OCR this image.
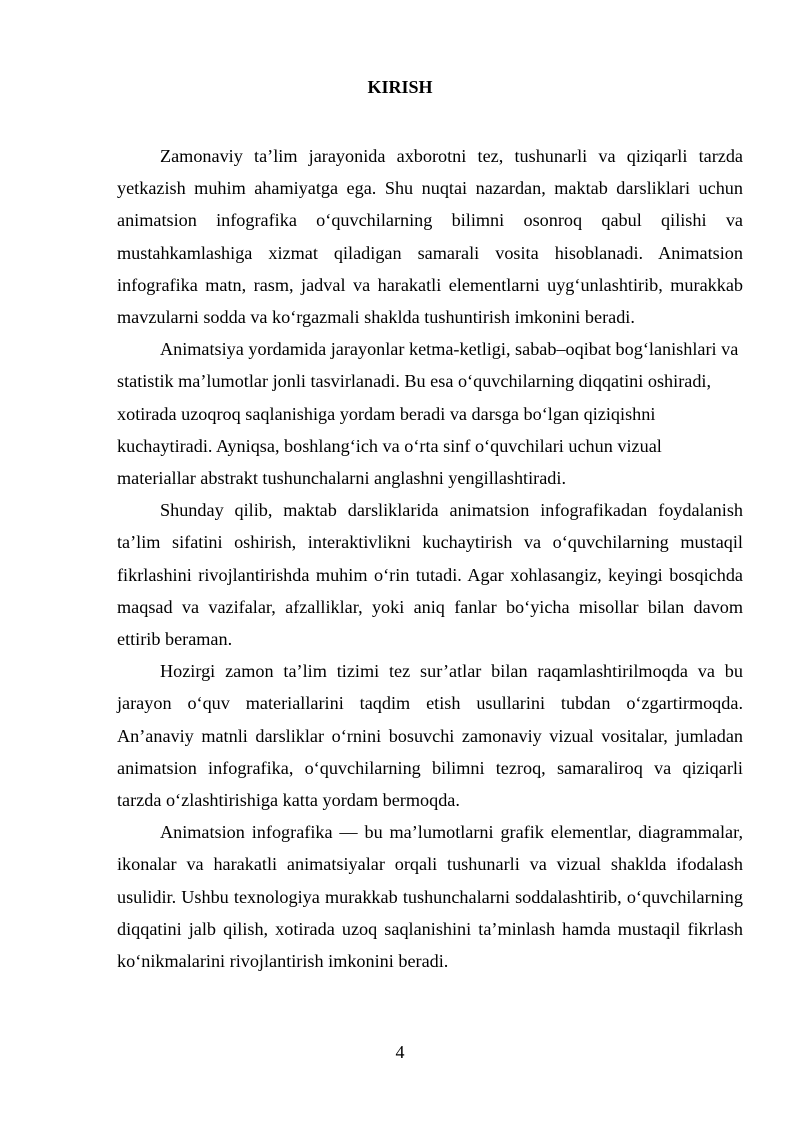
KIRISH

Zamonaviy ta’lim jarayonida axborotni tez, tushunarli va qiziqarli tarzda yetkazish muhim ahamiyatga ega. Shu nuqtai nazardan, maktab darsliklari uchun animatsion infografika o‘quvchilarning bilimni osonroq qabul qilishi va mustahkamlashiga xizmat qiladigan samarali vosita hisoblanadi. Animatsion infografika matn, rasm, jadval va harakatli elementlarni uyg‘unlashtirib, murakkab mavzularni sodda va ko‘rgazmali shaklda tushuntirish imkonini beradi.

Animatsiya yordamida jarayonlar ketma-ketligi, sabab–oqibat bog‘lanishlari va statistik ma’lumotlar jonli tasvirlanadi. Bu esa o‘quvchilarning diqqatini oshiradi, xotirada uzoqroq saqlanishiga yordam beradi va darsga bo‘lgan qiziqishni kuchaytiradi. Ayniqsa, boshlang‘ich va o‘rta sinf o‘quvchilari uchun vizual materiallar abstrakt tushunchalarni anglashni yengillashtiradi.

Shunday qilib, maktab darsliklarida animatsion infografikadan foydalanish ta’lim sifatini oshirish, interaktivlikni kuchaytirish va o‘quvchilarning mustaqil fikrlashini rivojlantirishda muhim o‘rin tutadi. Agar xohlasangiz, keyingi bosqichda maqsad va vazifalar, afzalliklar, yoki aniq fanlar bo‘yicha misollar bilan davom ettirib beraman.

Hozirgi zamon ta’lim tizimi tez sur’atlar bilan raqamlashtirilmoqda va bu jarayon o‘quv materiallarini taqdim etish usullarini tubdan o‘zgartirmoqda. An’anaviy matnli darsliklar o‘rnini bosuvchi zamonaviy vizual vositalar, jumladan animatsion infografika, o‘quvchilarning bilimni tezroq, samaraliroq va qiziqarli tarzda o‘zlashtirishiga katta yordam bermoqda.

Animatsion infografika — bu ma’lumotlarni grafik elementlar, diagrammalar, ikonalar va harakatli animatsiyalar orqali tushunarli va vizual shaklda ifodalash usulidir. Ushbu texnologiya murakkab tushunchalarni soddalashtirib, o‘quvchilarning diqqatini jalb qilish, xotirada uzoq saqlanishini ta’minlash hamda mustaqil fikrlash ko‘nikmalarini rivojlantirish imkonini beradi.

4
